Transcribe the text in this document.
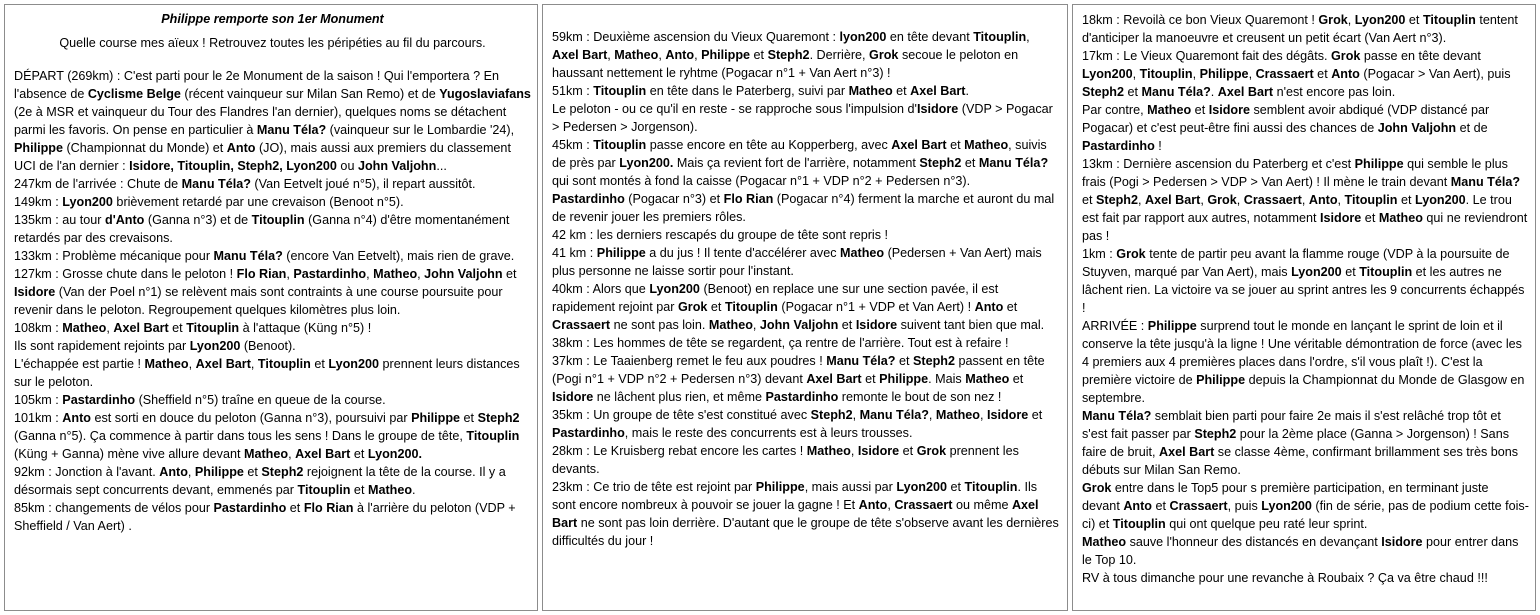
Philippe remporte son 1er Monument
Quelle course mes aïeux ! Retrouvez toutes les péripéties au fil du parcours.

DÉPART (269km) : C'est parti pour le 2e Monument de la saison ! Qui l'emportera ? En l'absence de Cyclisme Belge (récent vainqueur sur Milan San Remo) et de Yugoslaviafans (2e à MSR et vainqueur du Tour des Flandres l'an dernier), quelques noms se détachent parmi les favoris. On pense en particulier à Manu Téla? (vainqueur sur le Lombardie '24), Philippe (Championnat du Monde) et Anto (JO), mais aussi aux premiers du classement UCI de l'an dernier : Isidore, Titouplin, Steph2, Lyon200 ou John Valjohn...

247km de l'arrivée : Chute de Manu Téla? (Van Eetvelt joué n°5), il repart aussitôt.

149km : Lyon200 brièvement retardé par une crevaison (Benoot n°5).

135km : au tour d'Anto (Ganna n°3) et de Titouplin (Ganna n°4) d'être momentanément retardés par des crevaisons.

133km : Problème mécanique pour Manu Téla? (encore Van Eetvelt), mais rien de grave.

127km : Grosse chute dans le peloton ! Flo Rian, Pastardinho, Matheo, John Valjohn et Isidore (Van der Poel n°1) se relèvent mais sont contraints à une course poursuite pour revenir dans le peloton. Regroupement quelques kilomètres plus loin.

108km : Matheo, Axel Bart et Titouplin à l'attaque (Küng n°5) !

Ils sont rapidement rejoints par Lyon200 (Benoot).

L'échappée est partie ! Matheo, Axel Bart, Titouplin et Lyon200 prennent leurs distances sur le peloton.

105km : Pastardinho (Sheffield n°5) traîne en queue de la course.

101km : Anto est sorti en douce du peloton (Ganna n°3), poursuivi par Philippe et Steph2 (Ganna n°5). Ça commence à partir dans tous les sens ! Dans le groupe de tête, Titouplin (Küng + Ganna) mène vive allure devant Matheo, Axel Bart et Lyon200.

92km : Jonction à l'avant. Anto, Philippe et Steph2 rejoignent la tête de la course. Il y a désormais sept concurrents devant, emmenés par Titouplin et Matheo.

85km : changements de vélos pour Pastardinho et Flo Rian à l'arrière du peloton (VDP + Sheffield / Van Aert) .

59km : Deuxième ascension du Vieux Quaremont : lyon200 en tête devant Titouplin, Axel Bart, Matheo, Anto, Philippe et Steph2. Derrière, Grok secoue le peloton en haussant nettement le ryhtme (Pogacar n°1 + Van Aert n°3) !

51km : Titouplin en tête dans le Paterberg, suivi par Matheo et Axel Bart.

Le peloton - ou ce qu'il en reste - se rapproche sous l'impulsion d'Isidore (VDP > Pogacar > Pedersen > Jorgenson).

45km : Titouplin passe encore en tête au Kopperberg, avec Axel Bart et Matheo, suivis de près par Lyon200. Mais ça revient fort de l'arrière, notamment Steph2 et Manu Téla? qui sont montés à fond la caisse (Pogacar n°1 + VDP n°2 + Pedersen n°3).

Pastardinho (Pogacar n°3) et Flo Rian (Pogacar n°4) ferment la marche et auront du mal de revenir jouer les premiers rôles.

42 km : les derniers rescapés du groupe de tête sont repris !

41 km : Philippe a du jus ! Il tente d'accélérer avec Matheo (Pedersen + Van Aert) mais plus personne ne laisse sortir pour l'instant.

40km : Alors que Lyon200 (Benoot) en replace une sur une section pavée, il est rapidement rejoint par Grok et Titouplin (Pogacar n°1 + VDP et Van Aert) ! Anto et Crassaert ne sont pas loin. Matheo, John Valjohn et Isidore suivent tant bien que mal.

38km : Les hommes de tête se regardent, ça rentre de l'arrière. Tout est à refaire !

37km : Le Taaienberg remet le feu aux poudres ! Manu Téla? et Steph2 passent en tête (Pogi n°1 + VDP n°2 + Pedersen n°3) devant Axel Bart et Philippe. Mais Matheo et Isidore ne lâchent plus rien, et même Pastardinho remonte le bout de son nez !

35km : Un groupe de tête s'est constitué avec Steph2, Manu Téla?, Matheo, Isidore et Pastardinho, mais le reste des concurrents est à leurs trousses.

28km : Le Kruisberg rebat encore les cartes ! Matheo, Isidore et Grok prennent les devants.

23km : Ce trio de tête est rejoint par Philippe, mais aussi par Lyon200 et Titouplin. Ils sont encore nombreux à pouvoir se jouer la gagne ! Et Anto, Crassaert ou même Axel Bart ne sont pas loin derrière. D'autant que le groupe de tête s'observe avant les dernières difficultés du jour !

18km : Revoilà ce bon Vieux Quaremont ! Grok, Lyon200 et Titouplin tentent d'anticiper la manoeuvre et creusent un petit écart (Van Aert n°3).

17km : Le Vieux Quaremont fait des dégâts. Grok passe en tête devant Lyon200, Titouplin, Philippe, Crassaert et Anto (Pogacar > Van Aert), puis Steph2 et Manu Téla?. Axel Bart n'est encore pas loin.

Par contre, Matheo et Isidore semblent avoir abdiqué (VDP distancé par Pogacar) et c'est peut-être fini aussi des chances de John Valjohn et de Pastardinho !

13km : Dernière ascension du Paterberg et c'est Philippe qui semble le plus frais (Pogi > Pedersen > VDP > Van Aert) ! Il mène le train devant Manu Téla? et Steph2, Axel Bart, Grok, Crassaert, Anto, Titouplin et Lyon200. Le trou est fait par rapport aux autres, notamment Isidore et Matheo qui ne reviendront pas !

1km : Grok tente de partir peu avant la flamme rouge (VDP à la poursuite de Stuyven, marqué par Van Aert), mais Lyon200 et Titouplin et les autres ne lâchent rien. La victoire va se jouer au sprint antres les 9 concurrents échappés !

ARRIVÉE : Philippe surprend tout le monde en lançant le sprint de loin et il conserve la tête jusqu'à la ligne ! Une véritable démontration de force (avec les 4 premiers aux 4 premières places dans l'ordre, s'il vous plaît !). C'est la première victoire de Philippe depuis la Championnat du Monde de Glasgow en septembre.

Manu Téla? semblait bien parti pour faire 2e mais il s'est relâché trop tôt et s'est fait passer par Steph2 pour la 2ème place (Ganna > Jorgenson) ! Sans faire de bruit, Axel Bart se classe 4ème, confirmant brillamment ses très bons débuts sur Milan San Remo.

Grok entre dans le Top5 pour s première participation, en terminant juste devant Anto et Crassaert, puis Lyon200 (fin de série, pas de podium cette fois-ci) et Titouplin qui ont quelque peu raté leur sprint.

Matheo sauve l'honneur des distancés en devançant Isidore pour entrer dans le Top 10.

RV à tous dimanche pour une revanche à Roubaix ? Ça va être chaud !!!
